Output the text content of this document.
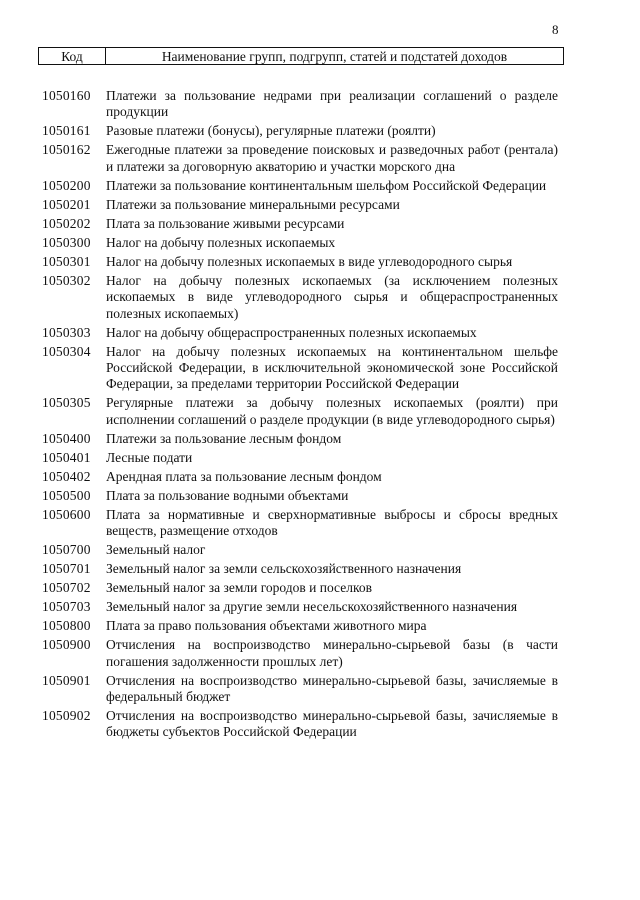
8
Код	Наименование групп, подгрупп, статей и подстатей доходов
1050160	Платежи за пользование недрами при реализации соглашений о разделе продукции
1050161	Разовые платежи (бонусы), регулярные платежи (роялти)
1050162	Ежегодные платежи за проведение поисковых и разведочных работ (рентала) и платежи за договорную акваторию и участки морского дна
1050200	Платежи за пользование континентальным шельфом Российской Федерации
1050201	Платежи за пользование минеральными ресурсами
1050202	Плата за пользование живыми ресурсами
1050300	Налог на добычу полезных ископаемых
1050301	Налог на добычу полезных ископаемых в виде углеводородного сырья
1050302	Налог на добычу полезных ископаемых (за исключением полезных ископаемых в виде углеводородного сырья и общераспространенных полезных ископаемых)
1050303	Налог на добычу общераспространенных полезных ископаемых
1050304	Налог на добычу полезных ископаемых на континентальном шельфе Российской Федерации, в исключительной экономической зоне Российской Федерации, за пределами территории Российской Федерации
1050305	Регулярные платежи за добычу полезных ископаемых (роялти) при исполнении соглашений о разделе продукции (в виде углеводородного сырья)
1050400	Платежи за пользование лесным фондом
1050401	Лесные подати
1050402	Арендная плата за пользование лесным фондом
1050500	Плата за пользование водными объектами
1050600	Плата за нормативные и сверхнормативные выбросы и сбросы вредных веществ, размещение отходов
1050700	Земельный налог
1050701	Земельный налог за земли сельскохозяйственного назначения
1050702	Земельный налог за земли городов и поселков
1050703	Земельный налог за другие земли несельскохозяйственного назначения
1050800	Плата за право пользования объектами животного мира
1050900	Отчисления на воспроизводство минерально-сырьевой базы (в части погашения задолженности прошлых лет)
1050901	Отчисления на воспроизводство минерально-сырьевой базы, зачисляемые в федеральный бюджет
1050902	Отчисления на воспроизводство минерально-сырьевой базы, зачисляемые в бюджеты субъектов Российской Федерации
